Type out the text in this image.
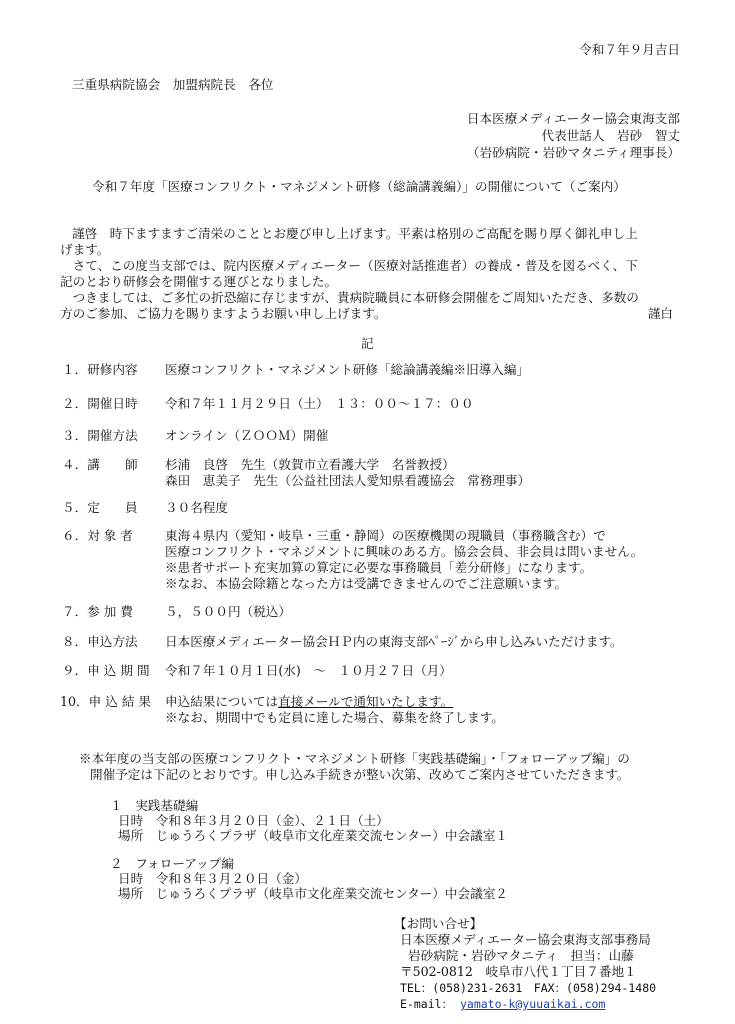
令和７年９月吉日
三重県病院協会　加盟病院長　各位
日本医療メディエーター協会東海支部
代表世話人　岩砂　智丈
（岩砂病院・岩砂マタニティ理事長）
令和７年度「医療コンフリクト・マネジメント研修（総論講義編）」の開催について（ご案内）
謹啓　時下ますますご清栄のこととお慶び申し上げます。平素は格別のご高配を賜り厚く御礼申し上
げます。
　さて、この度当支部では、院内医療メディエーター（医療対話推進者）の養成・普及を図るべく、下
記のとおり研修会を開催する運びとなりました。
　つきましては、ご多忙の折恐縮に存じますが、貴病院職員に本研修会開催をご周知いただき、多数の
方のご参加、ご協力を賜りますようお願い申し上げます。	謹白
記
１．研修内容	医療コンフリクト・マネジメント研修「総論講義編※旧導入編」
２．開催日時	令和７年１１月２９日（土）　１３：００～１７：００
３．開催方法	オンライン（ＺＯＯＭ）開催
４．講　　師	杉浦　良啓　先生（敦賀市立看護大学　名誉教授）
森田　恵美子　先生（公益社団法人愛知県看護協会　常務理事）
５．定　　員	３０名程度
６．対 象 者	東海４県内（愛知・岐阜・三重・静岡）の医療機関の現職員（事務職含む）で
医療コンフリクト・マネジメントに興味のある方。協会会員、非会員は問いません。
※患者サポート充実加算の算定に必要な事務職員「差分研修」になります。
※なお、本協会除籍となった方は受講できませんのでご注意願います。
７．参 加 費	５，５００円（税込）
８．申込方法	日本医療メディエーター協会ＨＰ内の東海支部ﾍﾟｰｼﾞから申し込みいただけます。
９．申 込 期 間	令和７年１０月１日(水)　～　１０月２７日（月）
10．申 込 結 果	申込結果については直接メールで通知いたします。
※なお、期間中でも定員に達した場合、募集を終了します。
※本年度の当支部の医療コンフリクト・マネジメント研修「実践基礎編」・「フォローアップ編」の
開催予定は下記のとおりです。申し込み手続きが整い次第、改めてご案内させていただきます。
１　実践基礎編
日時　令和８年３月２０日（金）、２１日（土）
場所　じゅうろくプラザ（岐阜市文化産業交流センター）中会議室１
２　フォローアップ編
日時　令和８年３月２０日（金）
場所　じゅうろくプラザ（岐阜市文化産業交流センター）中会議室２
【お問い合せ】
日本医療メディエーター協会東海支部事務局
岩砂病院・岩砂マタニティ　担当：山藤
〒502-0812　岐阜市八代１丁目７番地１
TEL：(058)231-2631　FAX：(058)294-1480
E-mail： yamato-k@yuuaikai.com
